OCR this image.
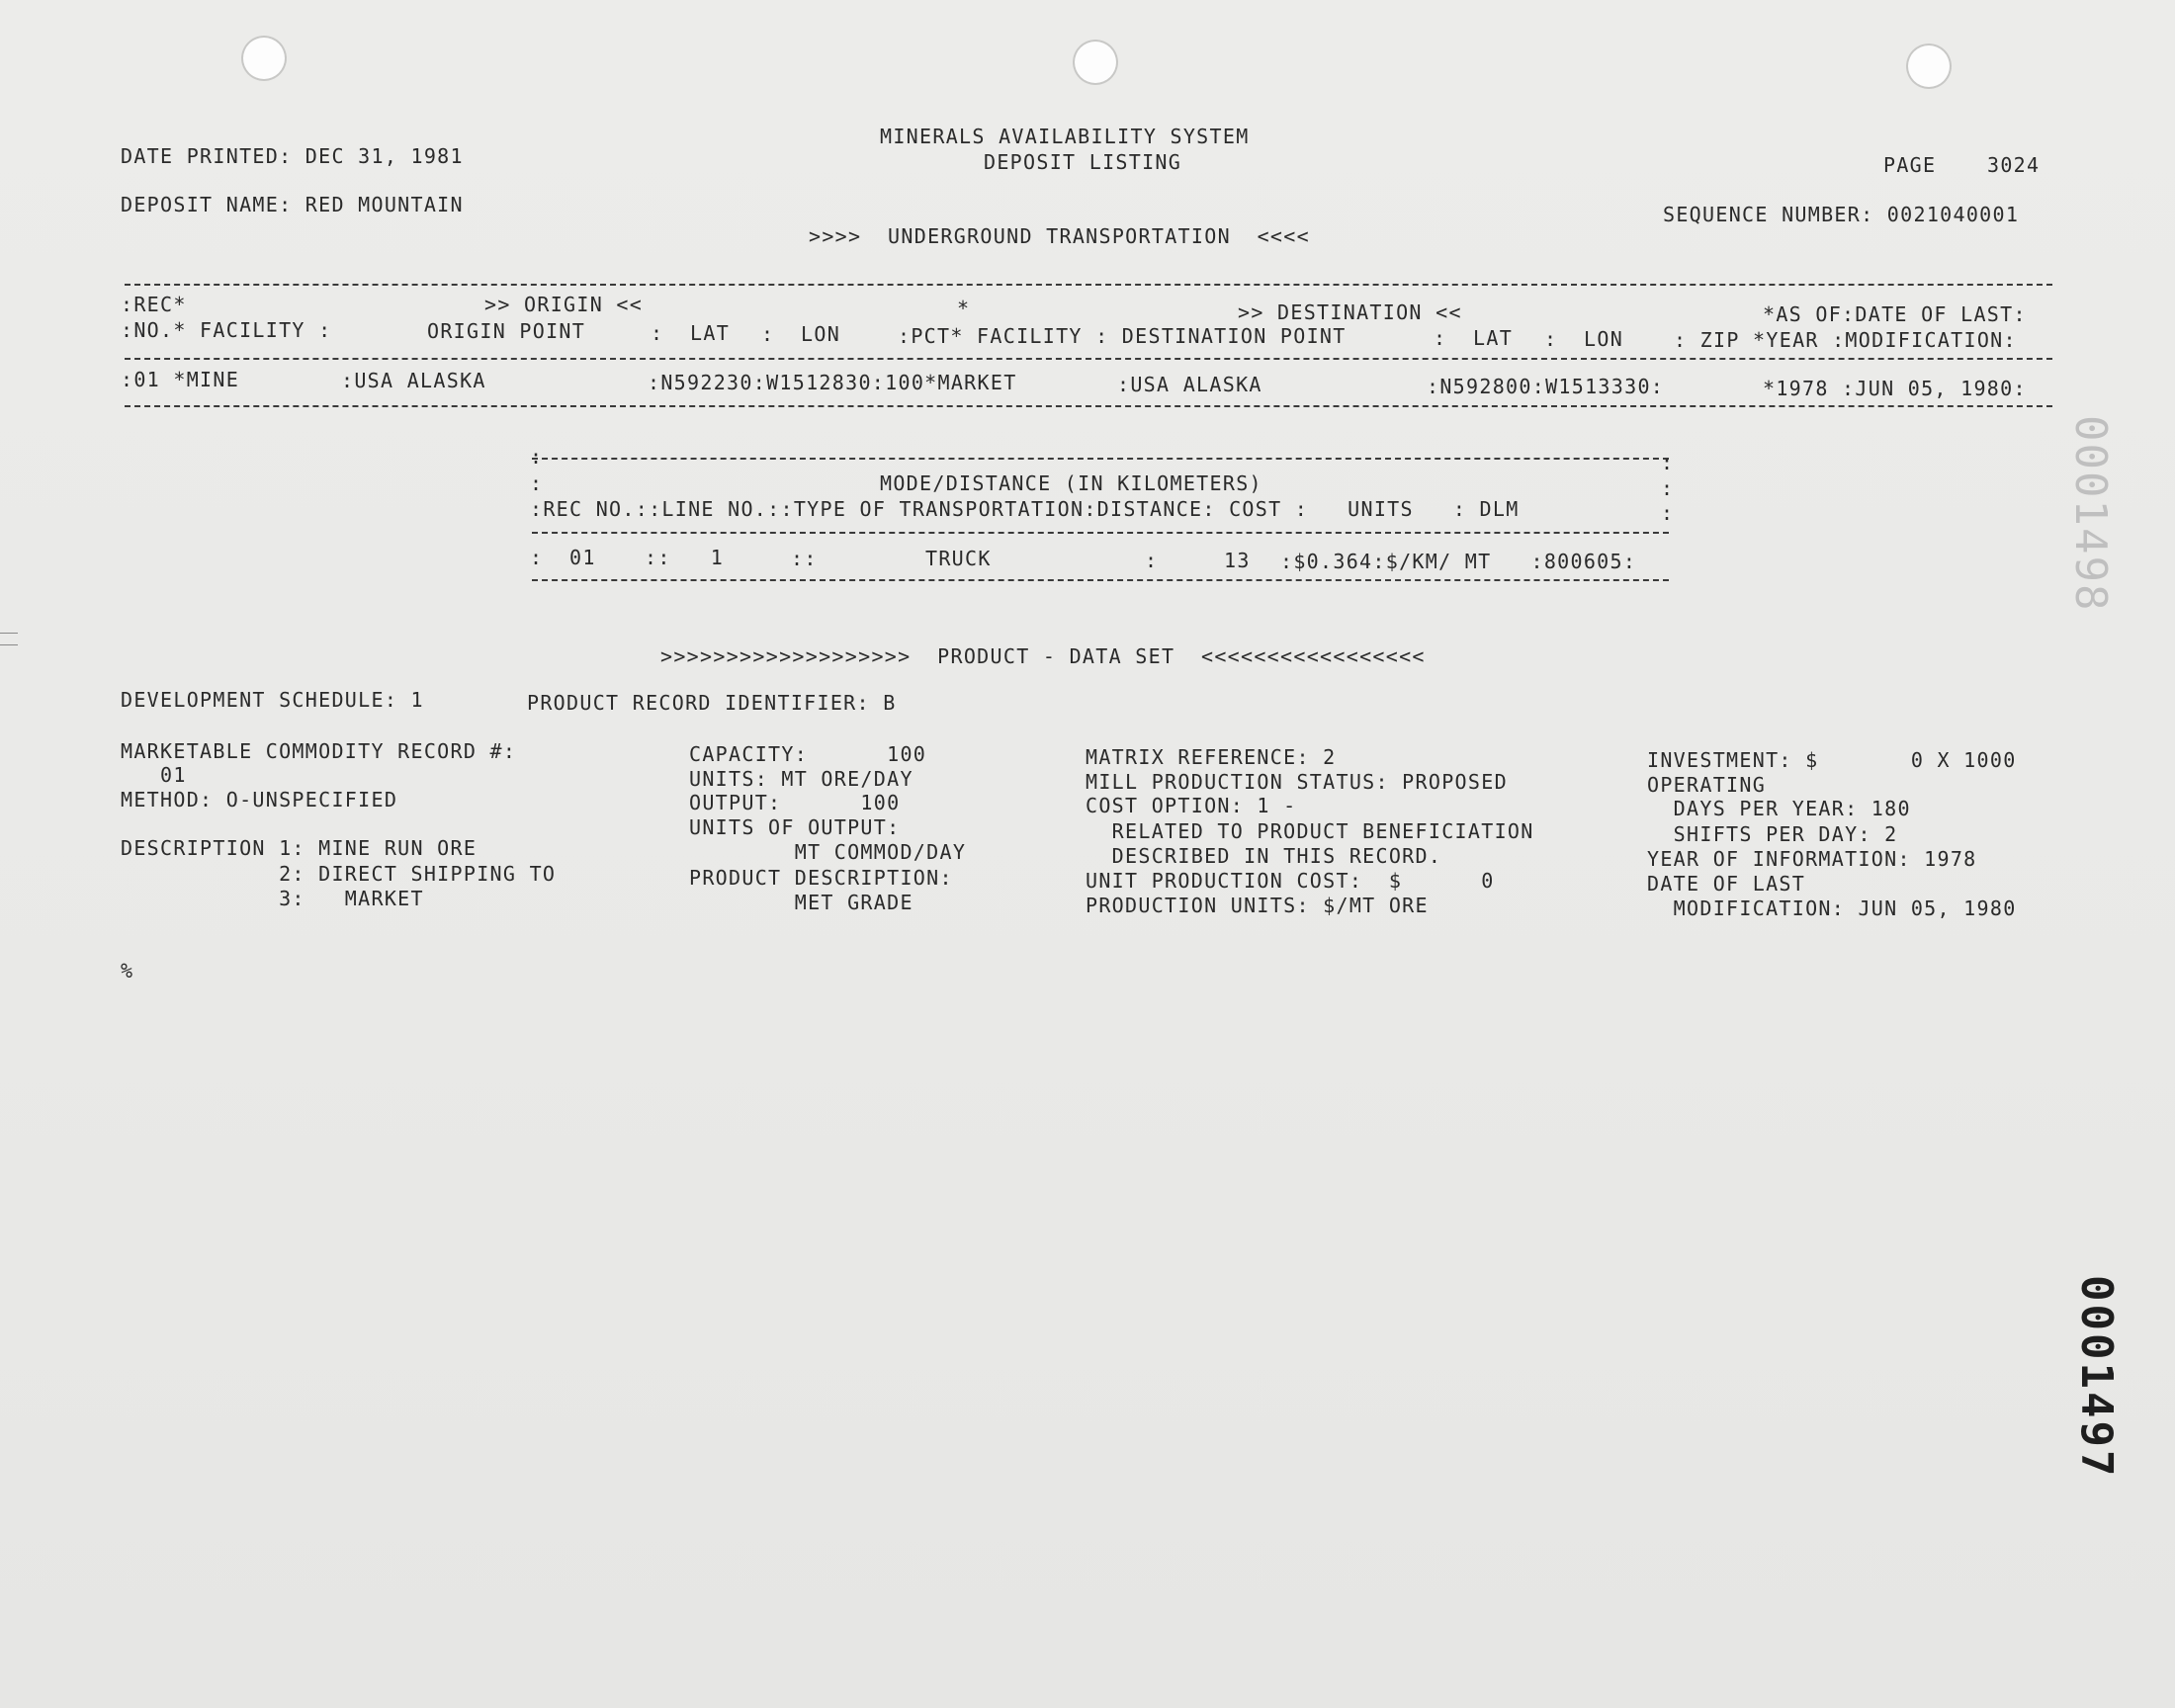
DATE PRINTED: DEC 31, 1981
MINERALS AVAILABILITY SYSTEM
DEPOSIT LISTING	PAGE	3024
DEPOSIT NAME: RED MOUNTAIN	SEQUENCE NUMBER: 0021040001
>>>>  UNDERGROUND TRANSPORTATION  <<<<
:REC*	>> ORIGIN <<	*	>> DESTINATION <<	*AS OF:DATE OF LAST:
:NO.* FACILITY :	ORIGIN POINT	:  LAT :  LON	:PCT* FACILITY : DESTINATION POINT	:  LAT :  LON	: ZIP *YEAR :MODIFICATION:
:01 *MINE	:USA ALASKA	:N592230:W1512830:100*MARKET	:USA ALASKA	:N592800:W1513330:	*1978 :JUN 05, 1980:
:	:
:	MODE/DISTANCE (IN KILOMETERS)	:
:REC NO.::LINE NO.::TYPE OF TRANSPORTATION:DISTANCE: COST :   UNITS   : DLM	:
:  01 ::   1	::	TRUCK	:     13 :$0.364:$/KM/ MT   :800605:
>>>>>>>>>>>>>>>>>>>  PRODUCT - DATA SET  <<<<<<<<<<<<<<<<<
DEVELOPMENT SCHEDULE: 1	PRODUCT RECORD IDENTIFIER: B
MARKETABLE COMMODITY RECORD #:
01
METHOD: O-UNSPECIFIED
DESCRIPTION 1: MINE RUN ORE
2: DIRECT SHIPPING TO
3:   MARKET
CAPACITY:      100
UNITS: MT ORE/DAY
OUTPUT:      100
UNITS OF OUTPUT:
MT COMMOD/DAY
PRODUCT DESCRIPTION:
MET GRADE
MATRIX REFERENCE: 2
MILL PRODUCTION STATUS: PROPOSED
COST OPTION: 1 -
RELATED TO PRODUCT BENEFICIATION
DESCRIBED IN THIS RECORD.
UNIT PRODUCTION COST:  $      0
PRODUCTION UNITS: $/MT ORE
INVESTMENT: $       0 X 1000
OPERATING
DAYS PER YEAR: 180
SHIFTS PER DAY: 2
YEAR OF INFORMATION: 1978
DATE OF LAST
MODIFICATION: JUN 05, 1980
%
0001498
0001497
